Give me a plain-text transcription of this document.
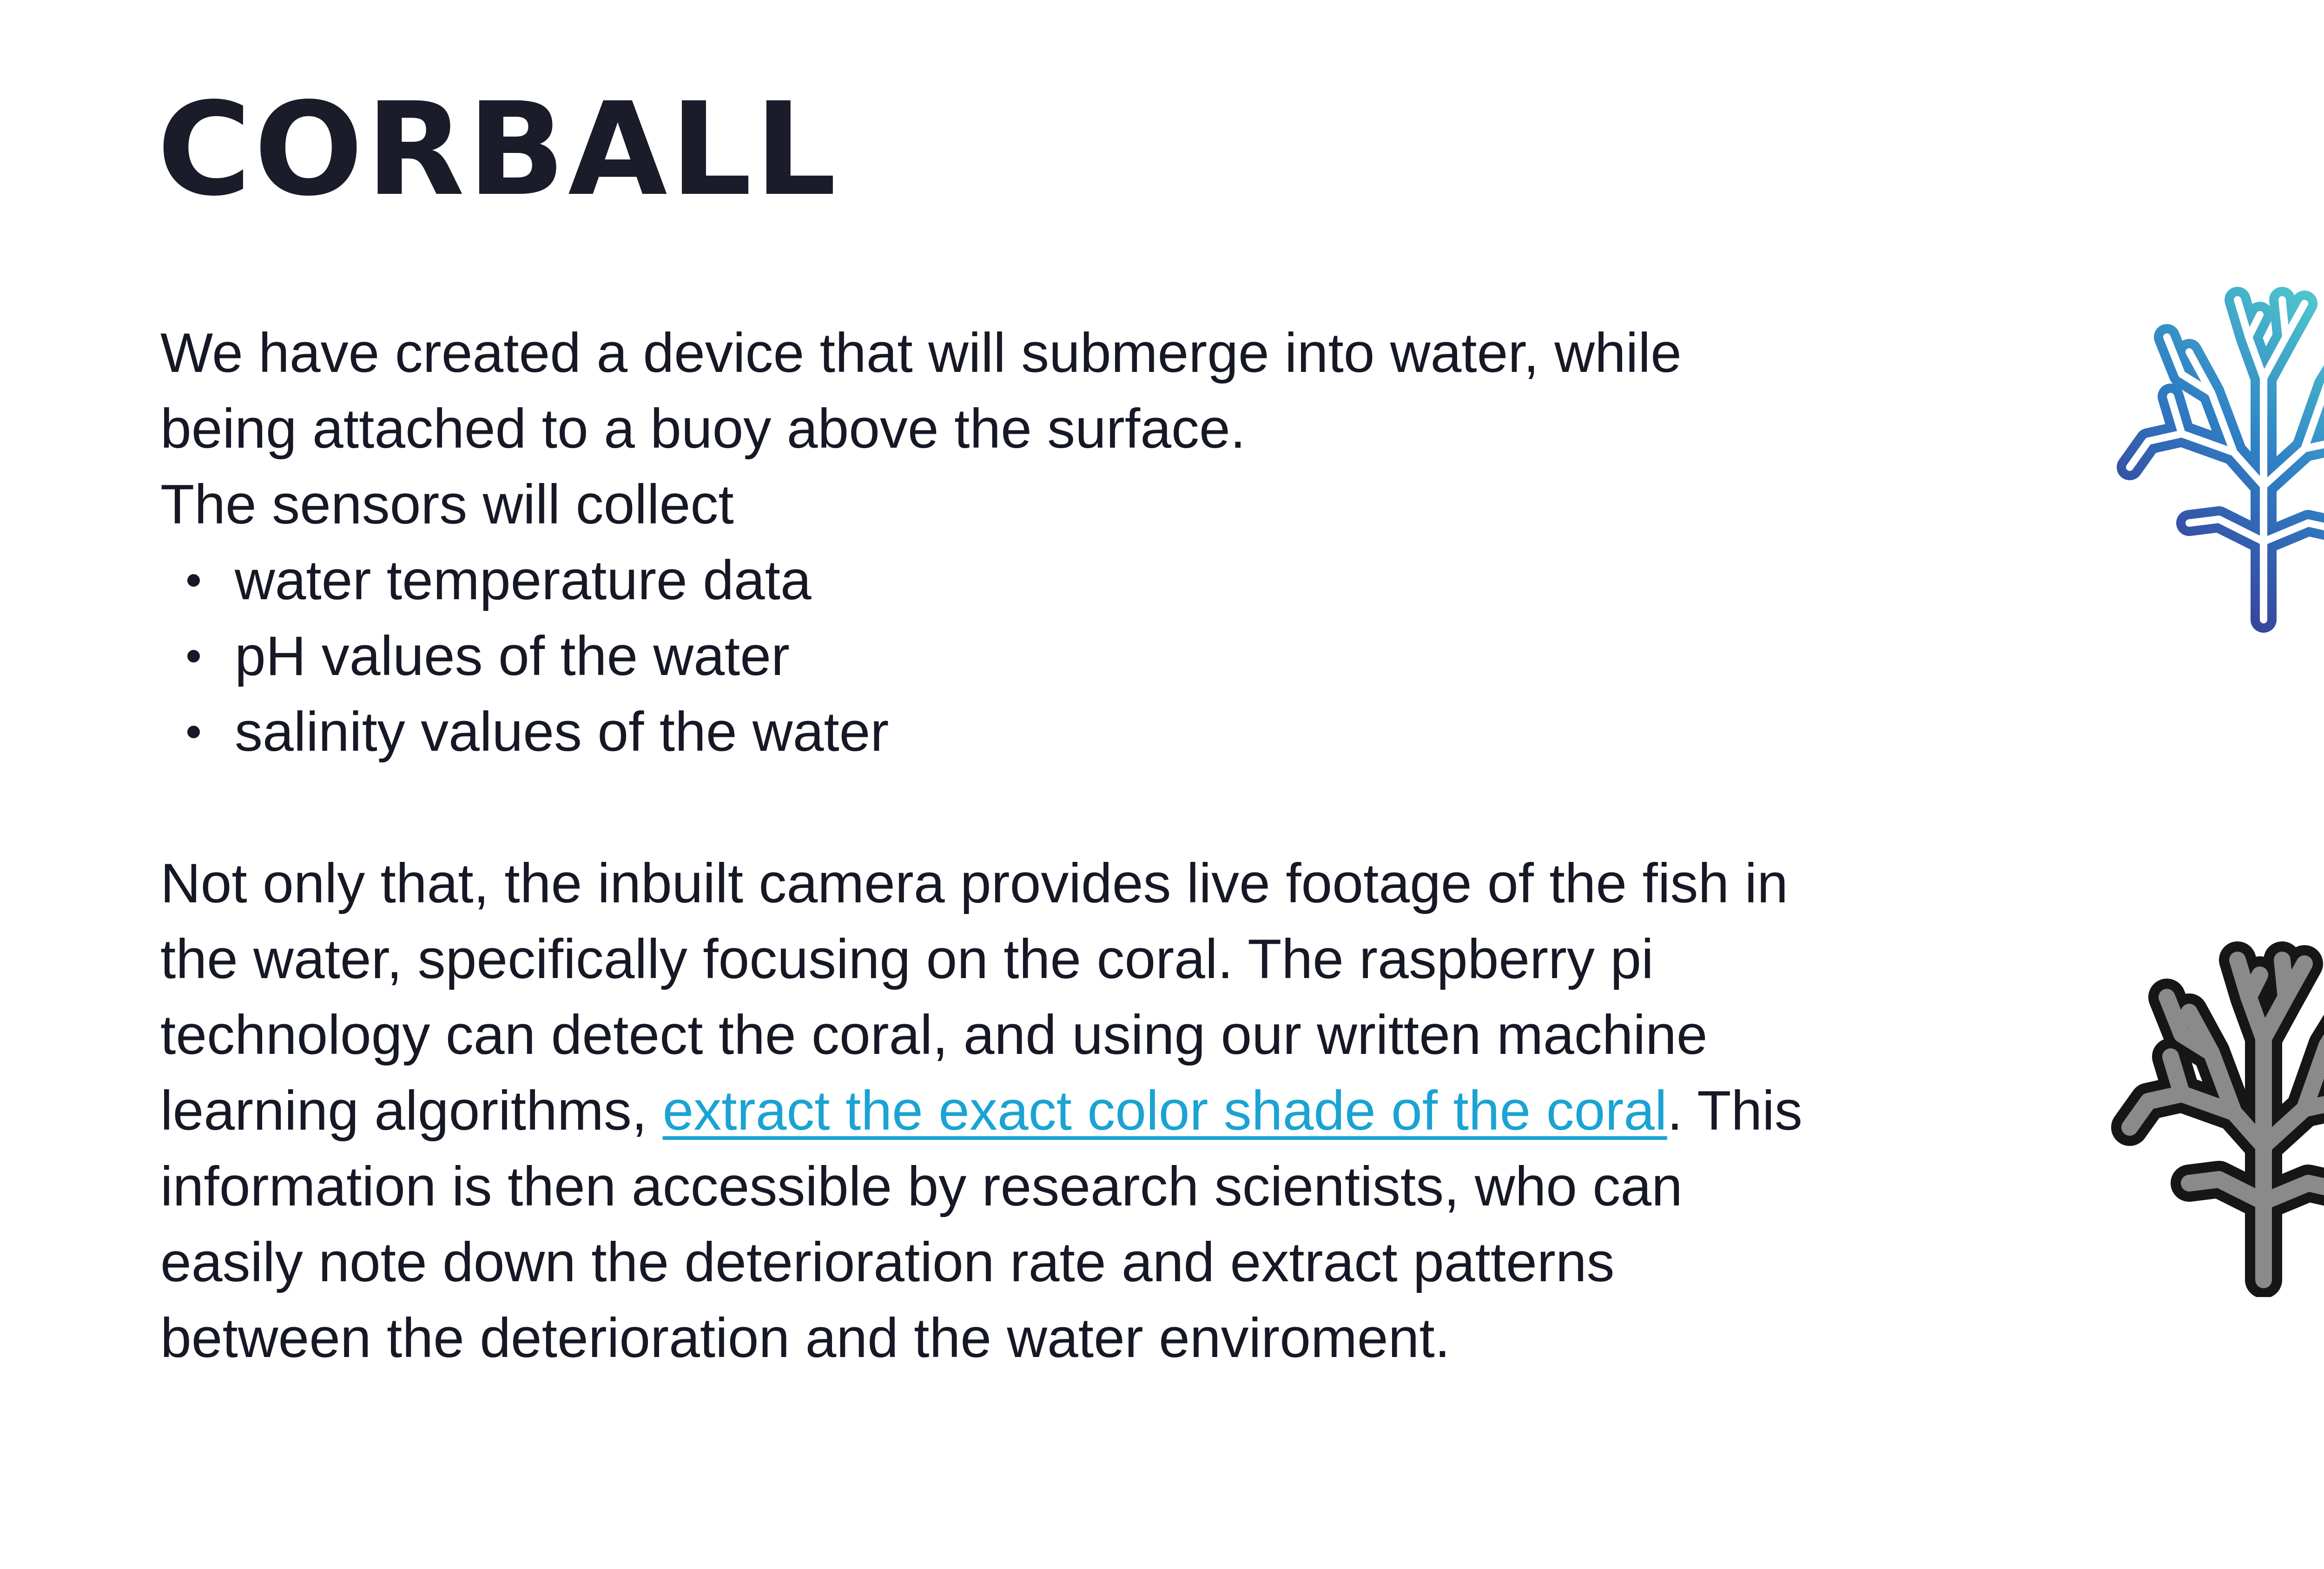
CORBALL

We have created a device that will submerge into water, while

being attached to a buoy above the surface.

The sensors will collect

water temperature data
pH values of the water
salinity values of the water

Not only that, the inbuilt camera provides live footage of the fish in the water, specifically focusing on the coral. The raspberry pi technology can detect the coral, and using our written machine learning algorithms, extract the exact color shade of the coral. This information is then accessible by research scientists, who can easily note down the deterioration rate and extract patterns between the deterioration and the water enviroment.
